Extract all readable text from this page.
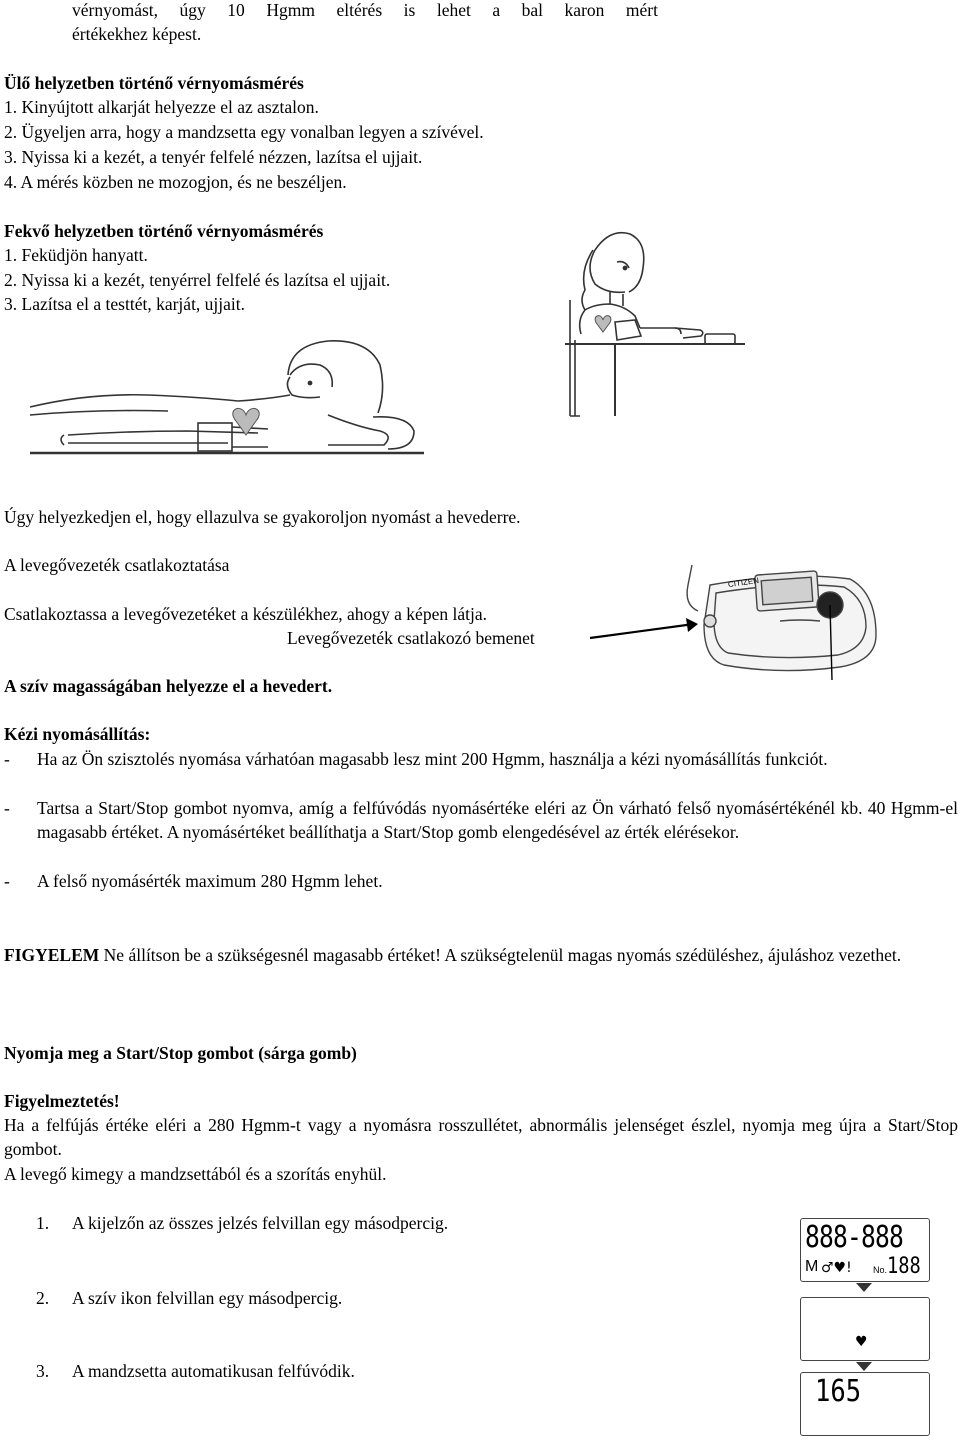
vérnyomást, úgy 10 Hgmm eltérés is lehet a bal karon mért

értékekhez képest.

Ülő helyzetben történő vérnyomásmérés

1. Kinyújtott alkarját helyezze el az asztalon.

2. Ügyeljen arra, hogy a mandzsetta egy vonalban legyen a szívével.

3. Nyissa ki a kezét, a tenyér felfelé nézzen, lazítsa el ujjait.

4. A mérés közben ne mozogjon, és ne beszéljen.

Fekvő helyzetben történő vérnyomásmérés

1. Feküdjön hanyatt.

2. Nyissa ki a kezét, tenyérrel felfelé és lazítsa el ujjait.

3. Lazítsa el a testtét, karját, ujjait.

Úgy helyezkedjen el, hogy ellazulva se gyakoroljon nyomást a hevederre.

A levegővezeték csatlakoztatása

Csatlakoztassa a levegővezetéket a készülékhez, ahogy a képen látja.

Levegővezeték csatlakozó bemenet

CITIZEN

A szív magasságában helyezze el a hevedert.

Kézi nyomásállítás:

- Ha az Ön szisztolés nyomása várhatóan magasabb lesz mint 200 Hgmm, használja a kézi nyomásállítás funkciót.

- Tartsa a Start/Stop gombot nyomva, amíg a felfúvódás nyomásértéke eléri az Ön várható felső nyomásértékénél kb. 40 Hgmm-el magasabb értéket. A nyomásértéket beállíthatja a Start/Stop gomb elengedésével az érték elérésekor.

- A felső nyomásérték maximum 280 Hgmm lehet.

FIGYELEM Ne állítson be a szükségesnél magasabb értéket! A szükségtelenül magas nyomás szédüléshez, ájuláshoz vezethet.

Nyomja meg a Start/Stop gombot (sárga gomb)

Figyelmeztetés!

Ha a felfújás értéke eléri a 280 Hgmm-t vagy a nyomásra rosszullétet, abnormális jelenséget észlel, nyomja meg újra a Start/Stop gombot.

A levegő kimegy a mandzsettából és a szorítás enyhül.

1. A kijelzőn az összes jelzés felvillan egy másodpercig.

2. A szív ikon felvillan egy másodpercig.

3. A mandzsetta automatikusan felfúvódik.

888-888
M ♂♥! No. 188
♥
165
